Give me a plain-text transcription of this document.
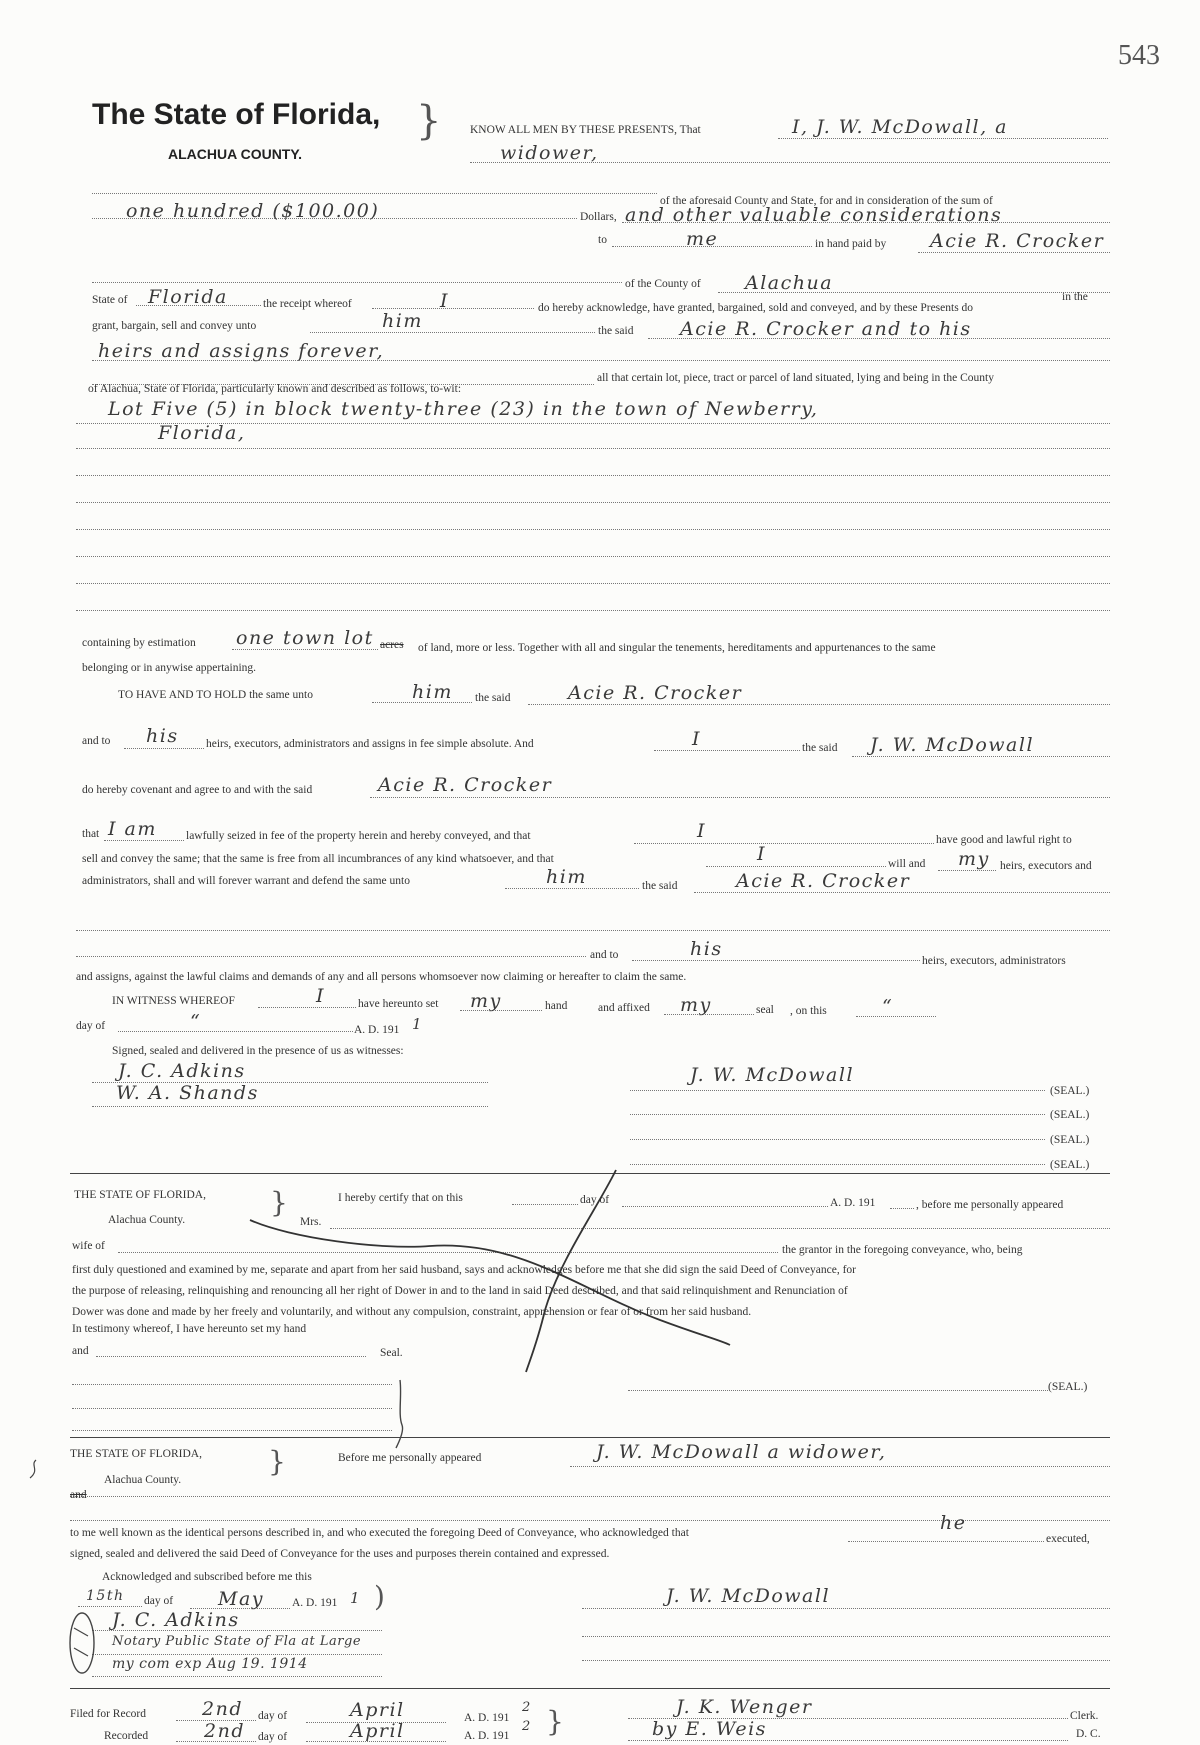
543
The State of Florida,
ALACHUA COUNTY.
} KNOW ALL MEN BY THESE PRESENTS, That	I, J. W. McDowall, a
widower,
of the aforesaid County and State, for and in consideration of the sum of
one hundred ($100.00)	Dollars, and other valuable considerations
to	me	in hand paid by Acie R. Crocker
of the County of Alachua
State of Florida	the receipt whereof	I	do hereby acknowledge, have granted, bargained, sold and conveyed, and by these Presents do
in the
grant, bargain, sell and convey unto	him	the said Acie R. Crocker and to his
heirs and assigns forever,
all that certain lot, piece, tract or parcel of land situated, lying and being in the County
of Alachua, State of Florida, particularly known and described as follows, to-wit:
Lot Five (5) in block twenty-three (23) in the town of Newberry,
Florida,
containing by estimation one town lot acres of land, more or less. Together with all and singular the tenements, hereditaments and appurtenances to the same
belonging or in anywise appertaining.
TO HAVE AND TO HOLD the same unto	him the said	Acie R. Crocker
and to his heirs, executors, administrators and assigns in fee simple absolute. And	I	the said J. W. McDowall
do hereby covenant and agree to and with the said	Acie R. Crocker
that I am	lawfully seized in fee of the property herein and hereby conveyed, and that	I	have good and lawful right to
sell and convey the same; that the same is free from all incumbrances of any kind whatsoever, and that	I	will and my heirs, executors and
administrators, shall and will forever warrant and defend the same unto	him	the said	Acie R. Crocker
and to	his
heirs, executors, administrators
and assigns, against the lawful claims and demands of any and all persons whomsoever now claiming or hereafter to claim the same.
IN WITNESS WHEREOF	I	have hereunto set my	hand	and affixed my	seal , on this	“
day of	“	A. D. 191 1
Signed, sealed and delivered in the presence of us as witnesses:
J. C. Adkins
W. A. Shands
J. W. McDowall
(SEAL.)
(SEAL.)
(SEAL.)
(SEAL.)
THE STATE OF FLORIDA,
Alachua County.
}	I hereby certify that on this	day of	A. D. 191	, before me personally appeared
Mrs.
wife of	the grantor in the foregoing conveyance, who, being
first duly questioned and examined by me, separate and apart from her said husband, says and acknowledges before me that she did sign the said Deed of Conveyance, for
the purpose of releasing, relinquishing and renouncing all her right of Dower in and to the land in said Deed described, and that said relinquishment and Renunciation of
Dower was done and made by her freely and voluntarily, and without any compulsion, constraint, apprehension or fear of or from her said husband.
In testimony whereof, I have hereunto set my hand
and	Seal.
(SEAL.)
THE STATE OF FLORIDA,
Alachua County.
}	Before me personally appeared	J. W. McDowall a widower,
and
to me well known as the identical persons described in, and who executed the foregoing Deed of Conveyance, who acknowledged that	he
executed,
signed, sealed and delivered the said Deed of Conveyance for the uses and purposes therein contained and expressed.
Acknowledged and subscribed before me this
15th day of May A. D. 191 1 )
J. C. Adkins
Notary Public State of Fla at Large
my com exp Aug 19. 1914
J. W. McDowall
Filed for Record	2nd day of	April	A. D. 191
2
Recorded	2nd day of	April	A. D. 191
2 }	J. K. Wenger	Clerk.
by E. Weis	D. C.
